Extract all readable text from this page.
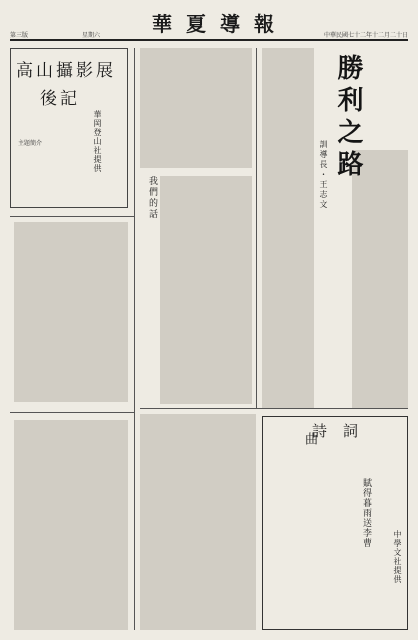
第三版	星期六	華夏導報	中華民國七十二年十二月二十日
高山攝影展
後記
華岡登山社提供
主題簡介	勝利之路
訓導長・王志文
我們的話
詩詞
曲
賦得暮雨送李曹
中學文社提供
